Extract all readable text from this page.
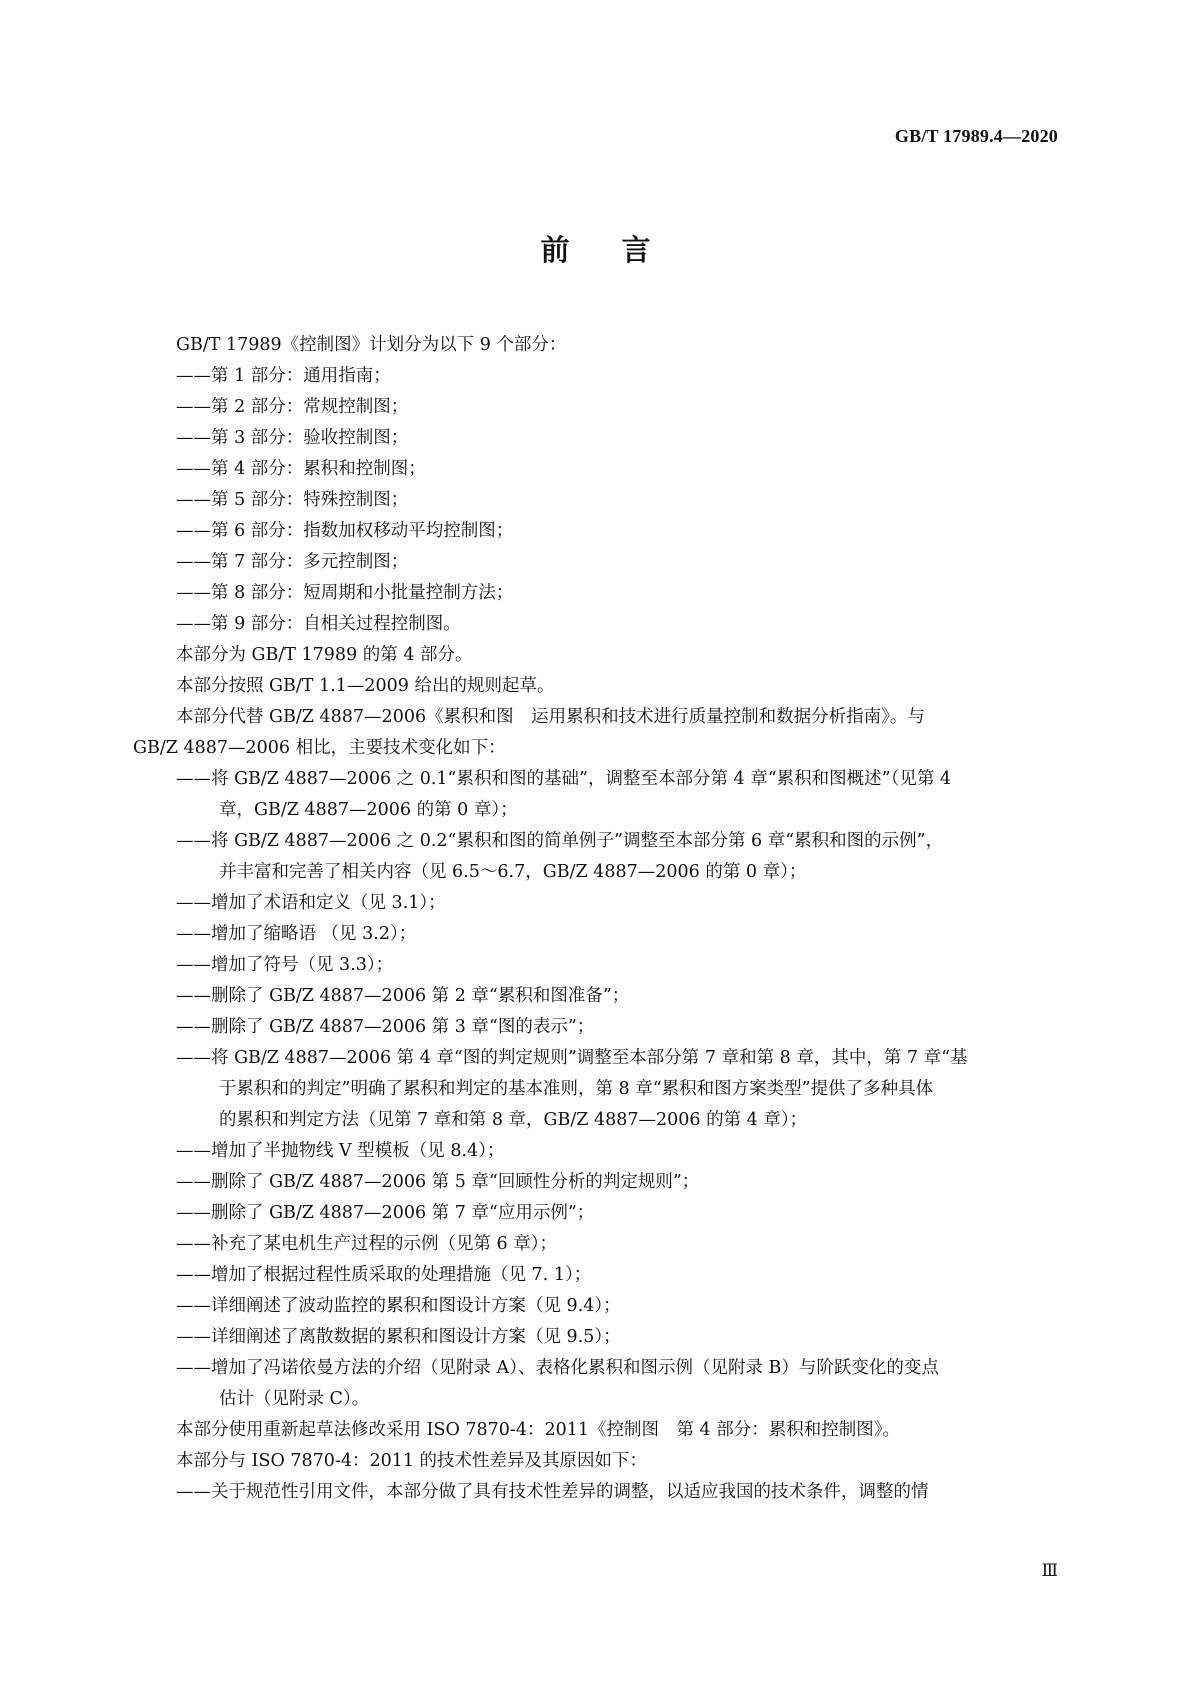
GB/T 17989.4—2020
前言
GB/T 17989《控制图》计划分为以下 9 个部分：
——第 1 部分：通用指南；
——第 2 部分：常规控制图；
——第 3 部分：验收控制图；
——第 4 部分：累积和控制图；
——第 5 部分：特殊控制图；
——第 6 部分：指数加权移动平均控制图；
——第 7 部分：多元控制图；
——第 8 部分：短周期和小批量控制方法；
——第 9 部分：自相关过程控制图。
本部分为 GB/T 17989 的第 4 部分。
本部分按照 GB/T 1.1—2009 给出的规则起草。
本部分代替 GB/Z 4887—2006《累积和图　运用累积和技术进行质量控制和数据分析指南》。与
GB/Z 4887—2006 相比，主要技术变化如下：
——将 GB/Z 4887—2006 之 0.1“累积和图的基础”，调整至本部分第 4 章“累积和图概述”（见第 4
章，GB/Z 4887—2006 的第 0 章）；
——将 GB/Z 4887—2006 之 0.2“累积和图的简单例子”调整至本部分第 6 章“累积和图的示例”，
并丰富和完善了相关内容（见 6.5～6.7，GB/Z 4887—2006 的第 0 章）；
——增加了术语和定义（见 3.1）；
——增加了缩略语 （见 3.2）；
——增加了符号（见 3.3）；
——删除了 GB/Z 4887—2006 第 2 章“累积和图准备”；
——删除了 GB/Z 4887—2006 第 3 章“图的表示”；
——将 GB/Z 4887—2006 第 4 章“图的判定规则”调整至本部分第 7 章和第 8 章，其中，第 7 章“基
于累积和的判定”明确了累积和判定的基本准则，第 8 章“累积和图方案类型”提供了多种具体
的累积和判定方法（见第 7 章和第 8 章，GB/Z 4887—2006 的第 4 章）；
——增加了半抛物线 V 型模板（见 8.4）；
——删除了 GB/Z 4887—2006 第 5 章“回顾性分析的判定规则”；
——删除了 GB/Z 4887—2006 第 7 章“应用示例”；
——补充了某电机生产过程的示例（见第 6 章）；
——增加了根据过程性质采取的处理措施（见 7. 1）；
——详细阐述了波动监控的累积和图设计方案（见 9.4）；
——详细阐述了离散数据的累积和图设计方案（见 9.5）；
——增加了冯诺依曼方法的介绍（见附录 A）、表格化累积和图示例（见附录 B）与阶跃变化的变点
估计（见附录 C）。
本部分使用重新起草法修改采用 ISO 7870-4：2011《控制图　第 4 部分：累积和控制图》。
本部分与 ISO 7870-4：2011 的技术性差异及其原因如下：
——关于规范性引用文件，本部分做了具有技术性差异的调整，以适应我国的技术条件，调整的情
Ⅲ
